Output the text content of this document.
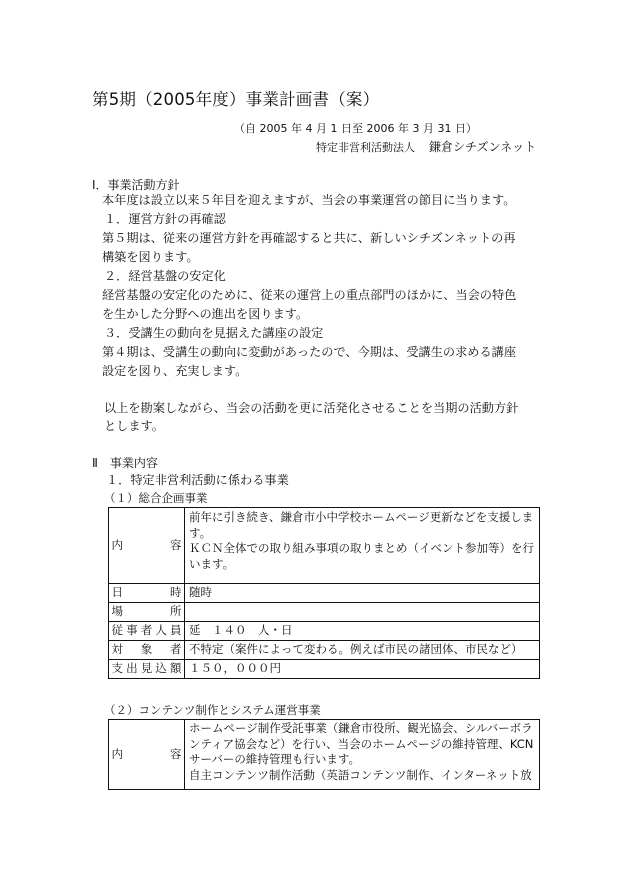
第5期（2005年度）事業計画書（案）
（自 2005 年 4 月 1 日至 2006 年 3 月 31 日）
特定非営利活動法人 鎌倉シチズンネット
Ⅰ．事業活動方針
本年度は設立以来５年目を迎えますが、当会の事業運営の節目に当ります。
１．運営方針の再確認
第５期は、従来の運営方針を再確認すると共に、新しいシチズンネットの再
構築を図ります。
２．経営基盤の安定化
経営基盤の安定化のために、従来の運営上の重点部門のほかに、当会の特色
を生かした分野への進出を図ります。
３．受講生の動向を見据えた講座の設定
第４期は、受講生の動向に変動があったので、今期は、受講生の求める講座
設定を図り、充実します。
以上を勘案しながら、当会の活動を更に活発化させることを当期の活動方針
とします。
Ⅱ　事業内容
１．特定非営利活動に係わる事業
（１）総合企画事業
内　　　容	前年に引き続き、鎌倉市小中学校ホームページ更新などを支援しま
す。
ＫＣＮ全体での取り組み事項の取りまとめ（イベント参加等）を行
います。

日　　　時	随時
場　　　所	
従事者人員	延　１４０　人・日
対　象　者	不特定（案件によって変わる。例えば市民の諸団体、市民など）
支出見込額	１５０，０００円
（２）コンテンツ制作とシステム運営事業
内　　　容	
ホームページ制作受託事業（鎌倉市役所、観光協会、シルバーボラ
ンティア協会など）を行い、当会のホームページの維持管理、KCN
サーバーの維持管理も行います。
自主コンテンツ制作活動（英語コンテンツ制作、インターネット放
